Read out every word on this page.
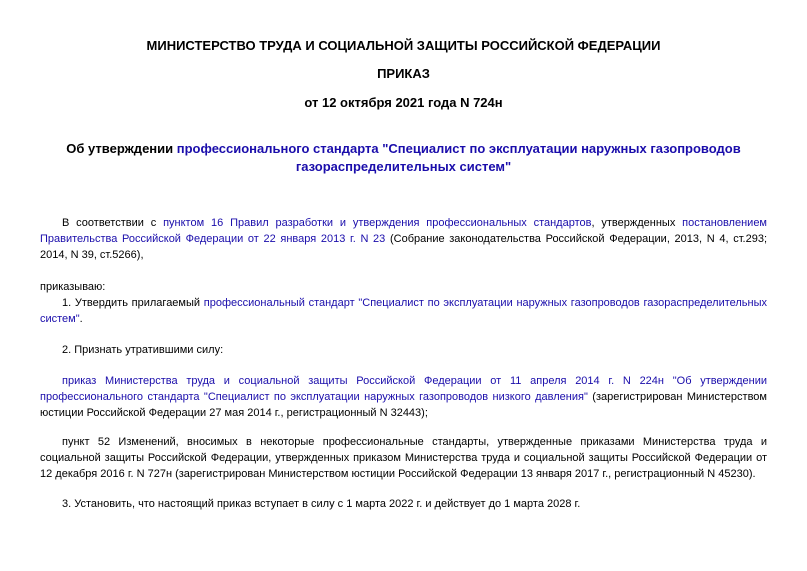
МИНИСТЕРСТВО ТРУДА И СОЦИАЛЬНОЙ ЗАЩИТЫ РОССИЙСКОЙ ФЕДЕРАЦИИ
ПРИКАЗ
от 12 октября 2021 года N 724н
Об утверждении профессионального стандарта "Специалист по эксплуатации наружных газопроводов газораспределительных систем"
В соответствии с пунктом 16 Правил разработки и утверждения профессиональных стандартов, утвержденных постановлением Правительства Российской Федерации от 22 января 2013 г. N 23 (Собрание законодательства Российской Федерации, 2013, N 4, ст.293; 2014, N 39, ст.5266),
приказываю:
1. Утвердить прилагаемый профессиональный стандарт "Специалист по эксплуатации наружных газопроводов газораспределительных систем".
2. Признать утратившими силу:
приказ Министерства труда и социальной защиты Российской Федерации от 11 апреля 2014 г. N 224н "Об утверждении профессионального стандарта "Специалист по эксплуатации наружных газопроводов низкого давления" (зарегистрирован Министерством юстиции Российской Федерации 27 мая 2014 г., регистрационный N 32443);
пункт 52 Изменений, вносимых в некоторые профессиональные стандарты, утвержденные приказами Министерства труда и социальной защиты Российской Федерации, утвержденных приказом Министерства труда и социальной защиты Российской Федерации от 12 декабря 2016 г. N 727н (зарегистрирован Министерством юстиции Российской Федерации 13 января 2017 г., регистрационный N 45230).
3. Установить, что настоящий приказ вступает в силу с 1 марта 2022 г. и действует до 1 марта 2028 г.
